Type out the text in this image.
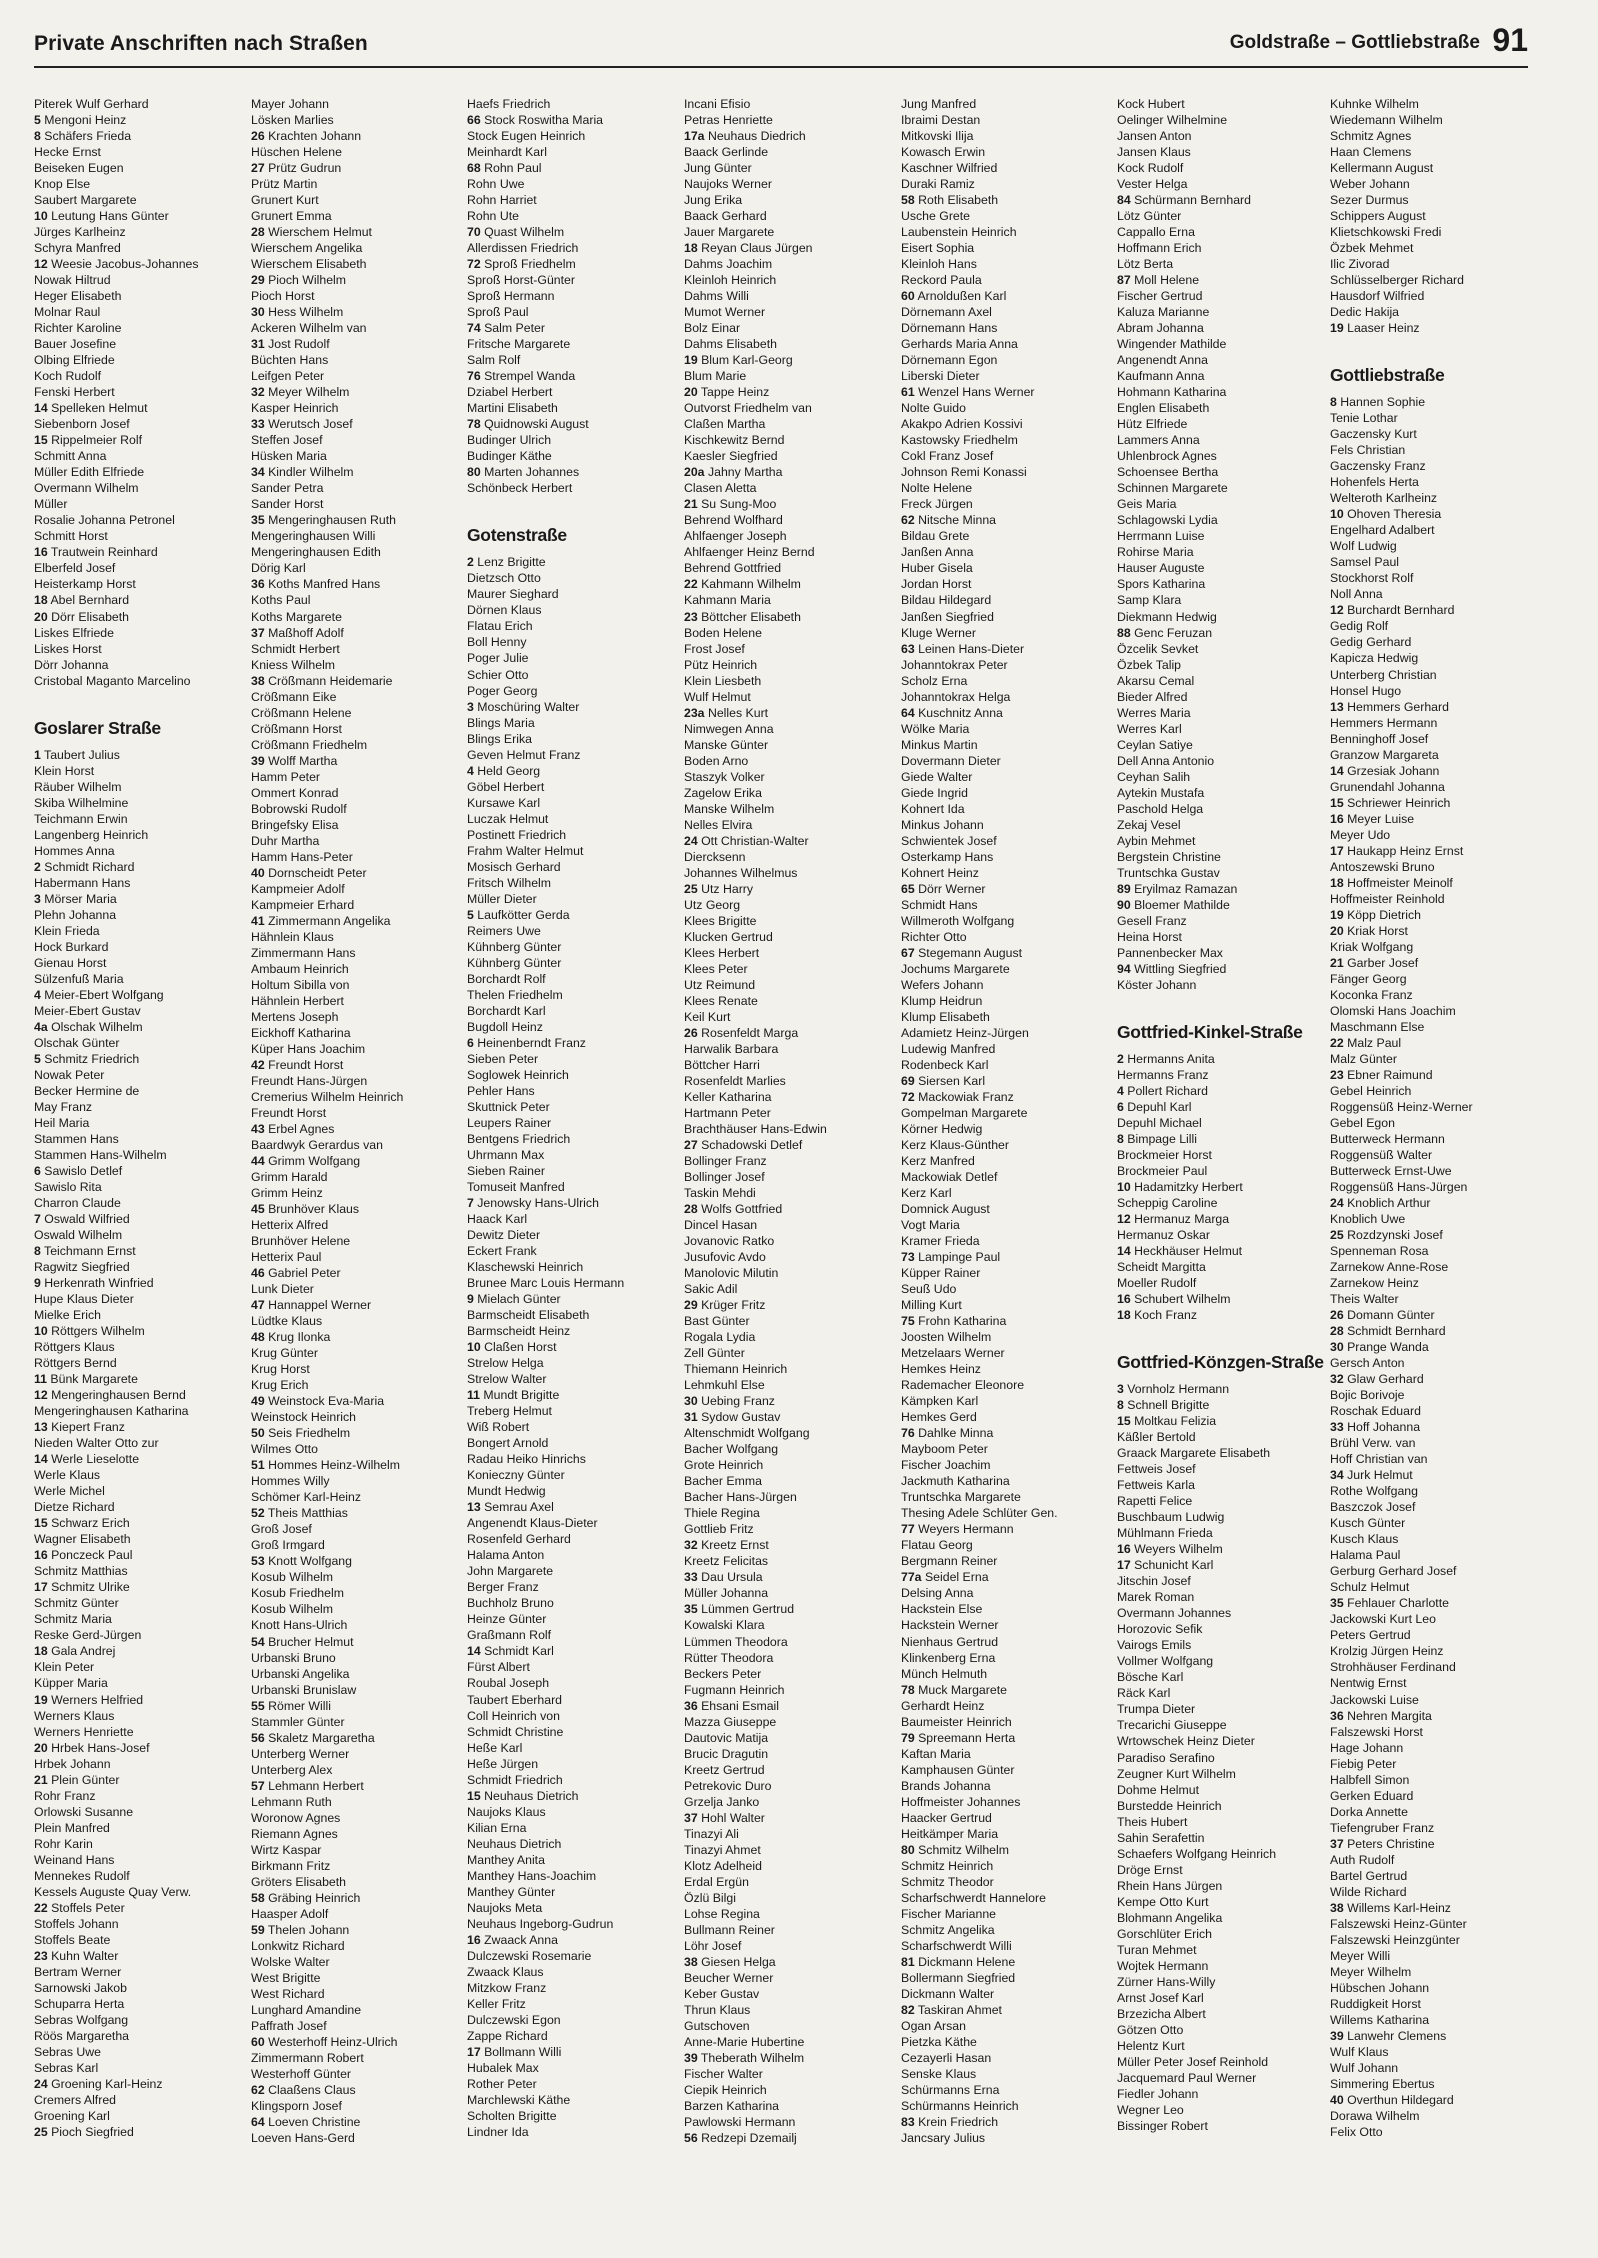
Private Anschriften nach Straßen	Goldstraße – Gottliebstraße 91
Piterek Wulf Gerhard
5 Mengoni Heinz
8 Schäfers Frieda
Hecke Ernst
Beiseken Eugen
Knop Else
Saubert Margarete
10 Leutung Hans Günter
Jürges Karlheinz
Schyra Manfred
12 Weesie Jacobus-Johannes
Nowak Hiltrud
Heger Elisabeth
Molnar Raul
Richter Karoline
Bauer Josefine
Olbing Elfriede
Koch Rudolf
Fenski Herbert
14 Spelleken Helmut
Siebenborn Josef
15 Rippelmeier Rolf
Schmitt Anna
Müller Edith Elfriede
Overmann Wilhelm
Müller
Rosalie Johanna Petronel
Schmitt Horst
16 Trautwein Reinhard
Elberfeld Josef
Heisterkamp Horst
18 Abel Bernhard
20 Dörr Elisabeth
Liskes Elfriede
Liskes Horst
Dörr Johanna
Cristobal Maganto Marcelino
Goslarer Straße
1 Taubert Julius
Klein Horst
Räuber Wilhelm
Skiba Wilhelmine
Teichmann Erwin
Langenberg Heinrich
Hommes Anna
2 Schmidt Richard
Habermann Hans
3 Mörser Maria
Plehn Johanna
Klein Frieda
Hock Burkard
Gienau Horst
Sülzenfuß Maria
4 Meier-Ebert Wolfgang
Meier-Ebert Gustav
4a Olschak Wilhelm
Olschak Günter
5 Schmitz Friedrich
Nowak Peter
Becker Hermine de
May Franz
Heil Maria
Stammen Hans
Stammen Hans-Wilhelm
6 Sawislo Detlef
Sawislo Rita
Charron Claude
7 Oswald Wilfried
Oswald Wilhelm
8 Teichmann Ernst
Ragwitz Siegfried
9 Herkenrath Winfried
Hupe Klaus Dieter
Mielke Erich
10 Röttgers Wilhelm
Röttgers Klaus
Röttgers Bernd
11 Bünk Margarete
12 Mengeringhausen Bernd
Mengeringhausen Katharina
13 Kiepert Franz
Nieden Walter Otto zur
14 Werle Lieselotte
Werle Klaus
Werle Michel
Dietze Richard
15 Schwarz Erich
Wagner Elisabeth
16 Ponczeck Paul
Schmitz Matthias
17 Schmitz Ulrike
Schmitz Günter
Schmitz Maria
Reske Gerd-Jürgen
18 Gala Andrej
Klein Peter
Küpper Maria
19 Werners Helfried
Werners Klaus
Werners Henriette
20 Hrbek Hans-Josef
Hrbek Johann
21 Plein Günter
Rohr Franz
Orlowski Susanne
Plein Manfred
Rohr Karin
Weinand Hans
Mennekes Rudolf
Kessels Auguste Quay Verw.
22 Stoffels Peter
Stoffels Johann
Stoffels Beate
23 Kuhn Walter
Bertram Werner
Sarnowski Jakob
Schuparra Herta
Sebras Wolfgang
Röös Margaretha
Sebras Uwe
Sebras Karl
24 Groening Karl-Heinz
Cremers Alfred
Groening Karl
25 Pioch Siegfried
Mayer Johann
Lösken Marlies
26 Krachten Johann
Hüschen Helene
27 Prütz Gudrun
Prütz Martin
Grunert Kurt
Grunert Emma
28 Wierschem Helmut
Wierschem Angelika
Wierschem Elisabeth
29 Pioch Wilhelm
Pioch Horst
30 Hess Wilhelm
Ackeren Wilhelm van
31 Jost Rudolf
Büchten Hans
Leifgen Peter
32 Meyer Wilhelm
Kasper Heinrich
33 Werutsch Josef
Steffen Josef
Hüsken Maria
34 Kindler Wilhelm
Sander Petra
Sander Horst
35 Mengeringhausen Ruth
Mengeringhausen Willi
Mengeringhausen Edith
Dörig Karl
36 Koths Manfred Hans
Koths Paul
Koths Margarete
37 Maßhoff Adolf
Schmidt Herbert
Kniess Wilhelm
38 Crößmann Heidemarie
Crößmann Eike
Crößmann Helene
Crößmann Horst
Crößmann Friedhelm
39 Wolff Martha
Hamm Peter
Ommert Konrad
Bobrowski Rudolf
Bringefsky Elisa
Duhr Martha
Hamm Hans-Peter
40 Dornscheidt Peter
Kampmeier Adolf
Kampmeier Erhard
41 Zimmermann Angelika
Hähnlein Klaus
Zimmermann Hans
Ambaum Heinrich
Holtum Sibilla von
Hähnlein Herbert
Mertens Joseph
Eickhoff Katharina
Küper Hans Joachim
42 Freundt Horst
Freundt Hans-Jürgen
Cremerius Wilhelm Heinrich
Freundt Horst
43 Erbel Agnes
Baardwyk Gerardus van
44 Grimm Wolfgang
Grimm Harald
Grimm Heinz
45 Brunhöver Klaus
Hetterix Alfred
Brunhöver Helene
Hetterix Paul
46 Gabriel Peter
Lunk Dieter
47 Hannappel Werner
Lüdtke Klaus
48 Krug Ilonka
Krug Günter
Krug Horst
Krug Erich
49 Weinstock Eva-Maria
Weinstock Heinrich
50 Seis Friedhelm
Wilmes Otto
51 Hommes Heinz-Wilhelm
Hommes Willy
Schömer Karl-Heinz
52 Theis Matthias
Groß Josef
Groß Irmgard
53 Knott Wolfgang
Kosub Wilhelm
Kosub Friedhelm
Kosub Wilhelm
Knott Hans-Ulrich
54 Brucher Helmut
Urbanski Bruno
Urbanski Angelika
Urbanski Brunislaw
55 Römer Willi
Stammler Günter
56 Skaletz Margaretha
Unterberg Werner
Unterberg Alex
57 Lehmann Herbert
Lehmann Ruth
Woronow Agnes
Riemann Agnes
Wirtz Kaspar
Birkmann Fritz
Gröters Elisabeth
58 Gräbing Heinrich
Haasper Adolf
59 Thelen Johann
Lonkwitz Richard
Wolske Walter
West Brigitte
West Richard
Lunghard Amandine
Paffrath Josef
60 Westerhoff Heinz-Ulrich
Zimmermann Robert
Westerhoff Günter
62 Claaßens Claus
Klingsporn Josef
64 Loeven Christine
Loeven Hans-Gerd
Haefs Friedrich
66 Stock Roswitha Maria
Stock Eugen Heinrich
Meinhardt Karl
68 Rohn Paul
Rohn Uwe
Rohn Harriet
Rohn Ute
70 Quast Wilhelm
Allerdissen Friedrich
72 Sproß Friedhelm
Sproß Horst-Günter
Sproß Hermann
Sproß Paul
74 Salm Peter
Fritsche Margarete
Salm Rolf
76 Strempel Wanda
Dziabel Herbert
Martini Elisabeth
78 Quidnowski August
Budinger Ulrich
Budinger Käthe
80 Marten Johannes
Schönbeck Herbert
Gotenstraße
2 Lenz Brigitte
Dietzsch Otto
Maurer Sieghard
Dörnen Klaus
Flatau Erich
Boll Henny
Poger Julie
Schier Otto
Poger Georg
3 Moschüring Walter
Blings Maria
Blings Erika
Geven Helmut Franz
4 Held Georg
Göbel Herbert
Kursawe Karl
Luczak Helmut
Postinett Friedrich
Frahm Walter Helmut
Mosisch Gerhard
Fritsch Wilhelm
Müller Dieter
5 Laufkötter Gerda
Reimers Uwe
Kühnberg Günter
Kühnberg Günter
Borchardt Rolf
Thelen Friedhelm
Borchardt Karl
Bugdoll Heinz
6 Heinenberndt Franz
Sieben Peter
Soglowek Heinrich
Pehler Hans
Skuttnick Peter
Leupers Rainer
Bentgens Friedrich
Uhrmann Max
Sieben Rainer
Tomuseit Manfred
7 Jenowsky Hans-Ulrich
Haack Karl
Dewitz Dieter
Eckert Frank
Klaschewski Heinrich
Brunee Marc Louis Hermann
9 Mielach Günter
Barmscheidt Elisabeth
Barmscheidt Heinz
10 Claßen Horst
Strelow Helga
Strelow Walter
11 Mundt Brigitte
Treberg Helmut
Wiß Robert
Bongert Arnold
Radau Heiko Hinrichs
Konieczny Günter
Mundt Hedwig
13 Semrau Axel
Angenendt Klaus-Dieter
Rosenfeld Gerhard
Halama Anton
John Margarete
Berger Franz
Buchholz Bruno
Heinze Günter
Graßmann Rolf
14 Schmidt Karl
Fürst Albert
Roubal Joseph
Taubert Eberhard
Coll Heinrich von
Schmidt Christine
Heße Karl
Heße Jürgen
Schmidt Friedrich
15 Neuhaus Dietrich
Naujoks Klaus
Kilian Erna
Neuhaus Dietrich
Manthey Anita
Manthey Hans-Joachim
Manthey Günter
Naujoks Meta
Neuhaus Ingeborg-Gudrun
16 Zwaack Anna
Dulczewski Rosemarie
Zwaack Klaus
Mitzkow Franz
Keller Fritz
Dulczewski Egon
Zappe Richard
17 Bollmann Willi
Hubalek Max
Rother Peter
Marchlewski Käthe
Scholten Brigitte
Lindner Ida
Incani Efisio
Petras Henriette
17a Neuhaus Diedrich
Baack Gerlinde
Jung Günter
Naujoks Werner
Jung Erika
Baack Gerhard
Jauer Margarete
18 Reyan Claus Jürgen
Dahms Joachim
Kleinloh Heinrich
Dahms Willi
Mumot Werner
Bolz Einar
Dahms Elisabeth
19 Blum Karl-Georg
Blum Marie
20 Tappe Heinz
Outvorst Friedhelm van
Claßen Martha
Kischkewitz Bernd
Kaesler Siegfried
20a Jahny Martha
Clasen Aletta
21 Su Sung-Moo
Behrend Wolfhard
Ahlfaenger Joseph
Ahlfaenger Heinz Bernd
Behrend Gottfried
22 Kahmann Wilhelm
Kahmann Maria
23 Böttcher Elisabeth
Boden Helene
Frost Josef
Pütz Heinrich
Klein Liesbeth
Wulf Helmut
23a Nelles Kurt
Nimwegen Anna
Manske Günter
Boden Arno
Staszyk Volker
Zagelow Erika
Manske Wilhelm
Nelles Elvira
24 Ott Christian-Walter
Diercksenn
Johannes Wilhelmus
25 Utz Harry
Utz Georg
Klees Brigitte
Klucken Gertrud
Klees Herbert
Klees Peter
Utz Reimund
Klees Renate
Keil Kurt
26 Rosenfeldt Marga
Harwalik Barbara
Böttcher Harri
Rosenfeldt Marlies
Keller Katharina
Hartmann Peter
Brachthäuser Hans-Edwin
27 Schadowski Detlef
Bollinger Franz
Bollinger Josef
Taskin Mehdi
28 Wolfs Gottfried
Dincel Hasan
Jovanovic Ratko
Jusufovic Avdo
Manolovic Milutin
Sakic Adil
29 Krüger Fritz
Bast Günter
Rogala Lydia
Zell Günter
Thiemann Heinrich
Lehmkuhl Else
30 Uebing Franz
31 Sydow Gustav
Altenschmidt Wolfgang
Bacher Wolfgang
Grote Heinrich
Bacher Emma
Bacher Hans-Jürgen
Thiele Regina
Gottlieb Fritz
32 Kreetz Ernst
Kreetz Felicitas
33 Dau Ursula
Müller Johanna
35 Lümmen Gertrud
Kowalski Klara
Lümmen Theodora
Rütter Theodora
Beckers Peter
Fugmann Heinrich
36 Ehsani Esmail
Mazza Giuseppe
Dautovic Matija
Brucic Dragutin
Kreetz Gertrud
Petrekovic Duro
Grzelja Janko
37 Hohl Walter
Tinazyi Ali
Tinazyi Ahmet
Klotz Adelheid
Erdal Ergün
Özlü Bilgi
Lohse Regina
Bullmann Reiner
Löhr Josef
38 Giesen Helga
Beucher Werner
Keber Gustav
Thrun Klaus
Gutschoven
Anne-Marie Hubertine
39 Theberath Wilhelm
Fischer Walter
Ciepik Heinrich
Barzen Katharina
Pawlowski Hermann
56 Redzepi Dzemailj
Jung Manfred
Ibraimi Destan
Mitkovski Ilija
Kowasch Erwin
Kaschner Wilfried
Duraki Ramiz
58 Roth Elisabeth
Usche Grete
Laubenstein Heinrich
Eisert Sophia
Kleinloh Hans
Reckord Paula
60 Arnoldußen Karl
Dörnemann Axel
Dörnemann Hans
Gerhards Maria Anna
Dörnemann Egon
Liberski Dieter
61 Wenzel Hans Werner
Nolte Guido
Akakpo Adrien Kossivi
Kastowsky Friedhelm
Cokl Franz Josef
Johnson Remi Konassi
Nolte Helene
Freck Jürgen
62 Nitsche Minna
Bildau Grete
Janßen Anna
Huber Gisela
Jordan Horst
Bildau Hildegard
Janßen Siegfried
Kluge Werner
63 Leinen Hans-Dieter
Johanntokrax Peter
Scholz Erna
Johanntokrax Helga
64 Kuschnitz Anna
Wölke Maria
Minkus Martin
Dovermann Dieter
Giede Walter
Giede Ingrid
Kohnert Ida
Minkus Johann
Schwientek Josef
Osterkamp Hans
Kohnert Heinz
65 Dörr Werner
Schmidt Hans
Willmeroth Wolfgang
Richter Otto
67 Stegemann August
Jochums Margarete
Wefers Johann
Klump Heidrun
Klump Elisabeth
Adamietz Heinz-Jürgen
Ludewig Manfred
Rodenbeck Karl
69 Siersen Karl
72 Mackowiak Franz
Gompelman Margarete
Körner Hedwig
Kerz Klaus-Günther
Kerz Manfred
Mackowiak Detlef
Kerz Karl
Domnick August
Vogt Maria
Kramer Frieda
73 Lampinge Paul
Küpper Rainer
Seuß Udo
Milling Kurt
75 Frohn Katharina
Joosten Wilhelm
Metzelaars Werner
Hemkes Heinz
Rademacher Eleonore
Kämpken Karl
Hemkes Gerd
76 Dahlke Minna
Mayboom Peter
Fischer Joachim
Jackmuth Katharina
Truntschka Margarete
Thesing Adele Schlüter Gen.
77 Weyers Hermann
Flatau Georg
Bergmann Reiner
77a Seidel Erna
Delsing Anna
Hackstein Else
Hackstein Werner
Nienhaus Gertrud
Klinkenberg Erna
Münch Helmuth
78 Muck Margarete
Gerhardt Heinz
Baumeister Heinrich
79 Spreemann Herta
Kaftan Maria
Kamphausen Günter
Brands Johanna
Hoffmeister Johannes
Haacker Gertrud
Heitkämper Maria
80 Schmitz Wilhelm
Schmitz Heinrich
Schmitz Theodor
Scharfschwerdt Hannelore
Fischer Marianne
Schmitz Angelika
Scharfschwerdt Willi
81 Dickmann Helene
Bollermann Siegfried
Dickmann Walter
82 Taskiran Ahmet
Ogan Arsan
Pietzka Käthe
Cezayerli Hasan
Senske Klaus
Schürmanns Erna
Schürmanns Heinrich
83 Krein Friedrich
Jancsary Julius
Kock Hubert
Oelinger Wilhelmine
Jansen Anton
Jansen Klaus
Kock Rudolf
Vester Helga
84 Schürmann Bernhard
Lötz Günter
Cappallo Erna
Hoffmann Erich
Lötz Berta
87 Moll Helene
Fischer Gertrud
Kaluza Marianne
Abram Johanna
Wingender Mathilde
Angenendt Anna
Kaufmann Anna
Hohmann Katharina
Englen Elisabeth
Hütz Elfriede
Lammers Anna
Uhlenbrock Agnes
Schoensee Bertha
Schinnen Margarete
Geis Maria
Schlagowski Lydia
Herrmann Luise
Rohirse Maria
Hauser Auguste
Spors Katharina
Samp Klara
Diekmann Hedwig
88 Genc Feruzan
Özcelik Sevket
Özbek Talip
Akarsu Cemal
Bieder Alfred
Werres Maria
Werres Karl
Ceylan Satiye
Dell Anna Antonio
Ceyhan Salih
Aytekin Mustafa
Paschold Helga
Zekaj Vesel
Aybin Mehmet
Bergstein Christine
Truntschka Gustav
89 Eryilmaz Ramazan
90 Bloemer Mathilde
Gesell Franz
Heina Horst
Pannenbecker Max
94 Wittling Siegfried
Köster Johann
Gottfried-Kinkel-Straße
2 Hermanns Anita
Hermanns Franz
4 Pollert Richard
6 Depuhl Karl
Depuhl Michael
8 Bimpage Lilli
Brockmeier Horst
Brockmeier Paul
10 Hadamitzky Herbert
Scheppig Caroline
12 Hermanuz Marga
Hermanuz Oskar
14 Heckhäuser Helmut
Scheidt Margitta
Moeller Rudolf
16 Schubert Wilhelm
18 Koch Franz
Gottfried-Könzgen-Straße
3 Vornholz Hermann
8 Schnell Brigitte
15 Moltkau Felizia
Käßler Bertold
Graack Margarete Elisabeth
Fettweis Josef
Fettweis Karla
Rapetti Felice
Buschbaum Ludwig
Mühlmann Frieda
16 Weyers Wilhelm
17 Schunicht Karl
Jitschin Josef
Marek Roman
Overmann Johannes
Horozovic Sefik
Vairogs Emils
Vollmer Wolfgang
Bösche Karl
Räck Karl
Trumpa Dieter
Trecarichi Giuseppe
Wrtowschek Heinz Dieter
Paradiso Serafino
Zeugner Kurt Wilhelm
Dohme Helmut
Burstedde Heinrich
Theis Hubert
Sahin Serafettin
Schaefers Wolfgang Heinrich
Dröge Ernst
Rhein Hans Jürgen
Kempe Otto Kurt
Blohmann Angelika
Gorschlüter Erich
Turan Mehmet
Wojtek Hermann
Zürner Hans-Willy
Arnst Josef Karl
Brzezicha Albert
Götzen Otto
Helentz Kurt
Müller Peter Josef Reinhold
Jacquemard Paul Werner
Fiedler Johann
Wegner Leo
Bissinger Robert
Kuhnke Wilhelm
Wiedemann Wilhelm
Schmitz Agnes
Haan Clemens
Kellermann August
Weber Johann
Sezer Durmus
Schippers August
Klietschkowski Fredi
Özbek Mehmet
Ilic Zivorad
Schlüsselberger Richard
Hausdorf Wilfried
Dedic Hakija
19 Laaser Heinz
Gottliebstraße
8 Hannen Sophie
Tenie Lothar
Gaczensky Kurt
Fels Christian
Gaczensky Franz
Hohenfels Herta
Welteroth Karlheinz
10 Ohoven Theresia
Engelhard Adalbert
Wolf Ludwig
Samsel Paul
Stockhorst Rolf
Noll Anna
12 Burchardt Bernhard
Gedig Rolf
Gedig Gerhard
Kapicza Hedwig
Unterberg Christian
Honsel Hugo
13 Hemmers Gerhard
Hemmers Hermann
Benninghoff Josef
Granzow Margareta
14 Grzesiak Johann
Grunendahl Johanna
15 Schriewer Heinrich
16 Meyer Luise
Meyer Udo
17 Haukapp Heinz Ernst
Antoszewski Bruno
18 Hoffmeister Meinolf
Hoffmeister Reinhold
19 Köpp Dietrich
20 Kriak Horst
Kriak Wolfgang
21 Garber Josef
Fänger Georg
Koconka Franz
Olomski Hans Joachim
Maschmann Else
22 Malz Paul
Malz Günter
23 Ebner Raimund
Gebel Heinrich
Roggensüß Heinz-Werner
Gebel Egon
Butterweck Hermann
Roggensüß Walter
Butterweck Ernst-Uwe
Roggensüß Hans-Jürgen
24 Knoblich Arthur
Knoblich Uwe
25 Rozdzynski Josef
Spenneman Rosa
Zarnekow Anne-Rose
Zarnekow Heinz
Theis Walter
26 Domann Günter
28 Schmidt Bernhard
30 Prange Wanda
Gersch Anton
32 Glaw Gerhard
Bojic Borivoje
Roschak Eduard
33 Hoff Johanna
Brühl Verw. van
Hoff Christian van
34 Jurk Helmut
Rothe Wolfgang
Baszczok Josef
Kusch Günter
Kusch Klaus
Halama Paul
Gerburg Gerhard Josef
Schulz Helmut
35 Fehlauer Charlotte
Jackowski Kurt Leo
Peters Gertrud
Krolzig Jürgen Heinz
Strohhäuser Ferdinand
Nentwig Ernst
Jackowski Luise
36 Nehren Margita
Falszewski Horst
Hage Johann
Fiebig Peter
Halbfell Simon
Gerken Eduard
Dorka Annette
Tiefengruber Franz
37 Peters Christine
Auth Rudolf
Bartel Gertrud
Wilde Richard
38 Willems Karl-Heinz
Falszewski Heinz-Günter
Falszewski Heinzgünter
Meyer Willi
Meyer Wilhelm
Hübschen Johann
Ruddigkeit Horst
Willems Katharina
39 Lanwehr Clemens
Wulf Klaus
Wulf Johann
Simmering Ebertus
40 Overthun Hildegard
Dorawa Wilhelm
Felix Otto
